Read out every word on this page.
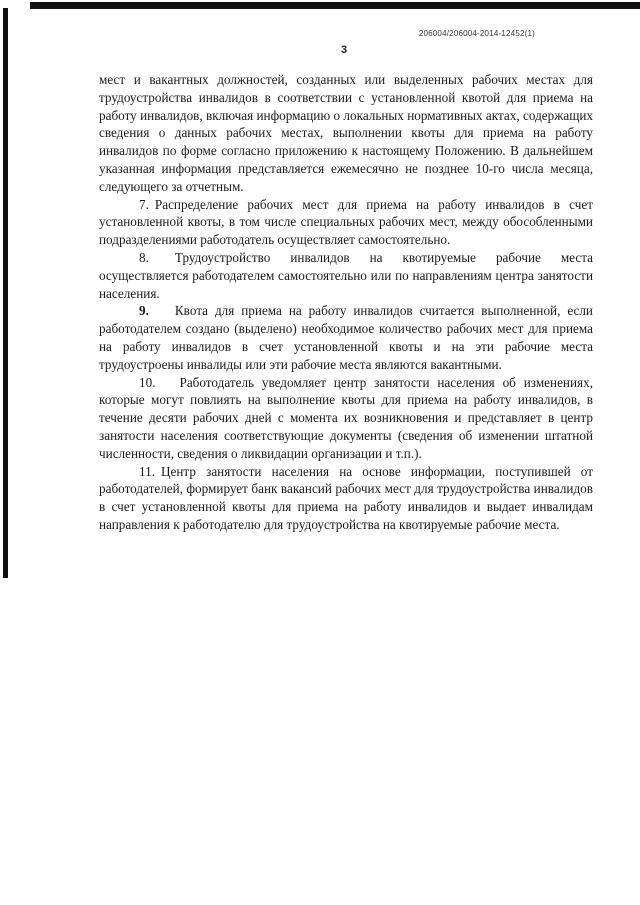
206004/206004-2014-12452(1)
3

мест и вакантных должностей, созданных или выделенных рабочих местах для трудоустройства инвалидов в соответствии с установленной квотой для приема на работу инвалидов, включая информацию о локальных нормативных актах, содержащих сведения о данных рабочих местах, выполнении квоты для приема на работу инвалидов по форме согласно приложению к настоящему Положению. В дальнейшем указанная информация представляется ежемесячно не позднее 10-го числа месяца, следующего за отчетным.

7. Распределение рабочих мест для приема на работу инвалидов в счет установленной квоты, в том числе специальных рабочих мест, между обособленными подразделениями работодатель осуществляет самостоятельно.

8. Трудоустройство инвалидов на квотируемые рабочие места осуществляется работодателем самостоятельно или по направлениям центра занятости населения.

9. Квота для приема на работу инвалидов считается выполненной, если работодателем создано (выделено) необходимое количество рабочих мест для приема на работу инвалидов в счет установленной квоты и на эти рабочие места трудоустроены инвалиды или эти рабочие места являются вакантными.

10. Работодатель уведомляет центр занятости населения об изменениях, которые могут повлиять на выполнение квоты для приема на работу инвалидов, в течение десяти рабочих дней с момента их возникновения и представляет в центр занятости населения соответствующие документы (сведения об изменении штатной численности, сведения о ликвидации организации и т.п.).

11. Центр занятости населения на основе информации, поступившей от работодателей, формирует банк вакансий рабочих мест для трудоустройства инвалидов в счет установленной квоты для приема на работу инвалидов и выдает инвалидам направления к работодателю для трудоустройства на квотируемые рабочие места.
